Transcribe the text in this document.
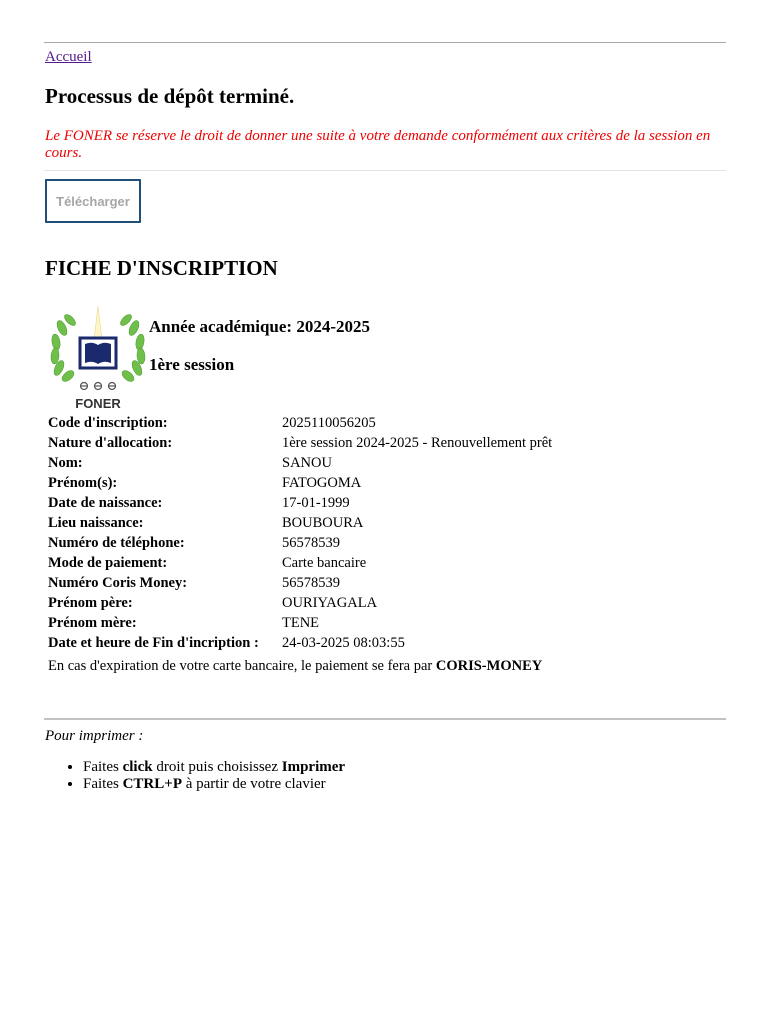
Accueil
Processus de dépôt terminé.

Le FONER se réserve le droit de donner une suite à votre demande conformément aux critères de la session en cours.

Télécharger
FICHE D'INSCRIPTION
FONER

Année académique: 2024-2025

1ère session

Code d'inscription:	2025110056205
Nature d'allocation:	1ère session 2024-2025 - Renouvellement prêt
Nom:	SANOU
Prénom(s):	FATOGOMA
Date de naissance:	17-01-1999
Lieu naissance:	BOUBOURA
Numéro de téléphone:	56578539
Mode de paiement:	Carte bancaire
Numéro Coris Money:	56578539
Prénom père:	OURIYAGALA
Prénom mère:	TENE
Date et heure de Fin d'incription :	24-03-2025 08:03:55

En cas d'expiration de votre carte bancaire, le paiement se fera par CORIS-MONEY

Pour imprimer :

• Faites click droit puis choisissez Imprimer
• Faites CTRL+P à partir de votre clavier
